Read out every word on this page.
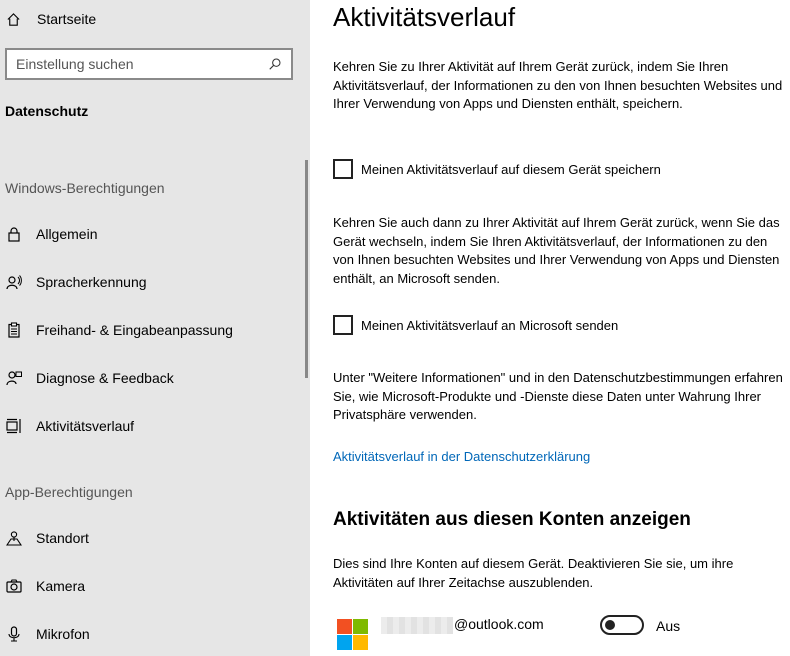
Startseite
Einstellung suchen
Datenschutz
Windows-Berechtigungen
Allgemein
Spracherkennung
Freihand- & Eingabeanpassung
Diagnose & Feedback
Aktivitätsverlauf
App-Berechtigungen
Standort
Kamera
Mikrofon
Aktivitätsverlauf

Kehren Sie zu Ihrer Aktivität auf Ihrem Gerät zurück, indem Sie Ihren Aktivitätsverlauf, der Informationen zu den von Ihnen besuchten Websites und Ihrer Verwendung von Apps und Diensten enthält, speichern.

Meinen Aktivitätsverlauf auf diesem Gerät speichern

Kehren Sie auch dann zu Ihrer Aktivität auf Ihrem Gerät zurück, wenn Sie das Gerät wechseln, indem Sie Ihren Aktivitätsverlauf, der Informationen zu den von Ihnen besuchten Websites und Ihrer Verwendung von Apps und Diensten enthält, an Microsoft senden.

Meinen Aktivitätsverlauf an Microsoft senden

Unter "Weitere Informationen" und in den Datenschutzbestimmungen erfahren Sie, wie Microsoft-Produkte und -Dienste diese Daten unter Wahrung Ihrer Privatsphäre verwenden.

Aktivitätsverlauf in der Datenschutzerklärung
Aktivitäten aus diesen Konten anzeigen

Dies sind Ihre Konten auf diesem Gerät. Deaktivieren Sie sie, um ihre Aktivitäten auf Ihrer Zeitachse auszublenden.

@outlook.com	Aus
